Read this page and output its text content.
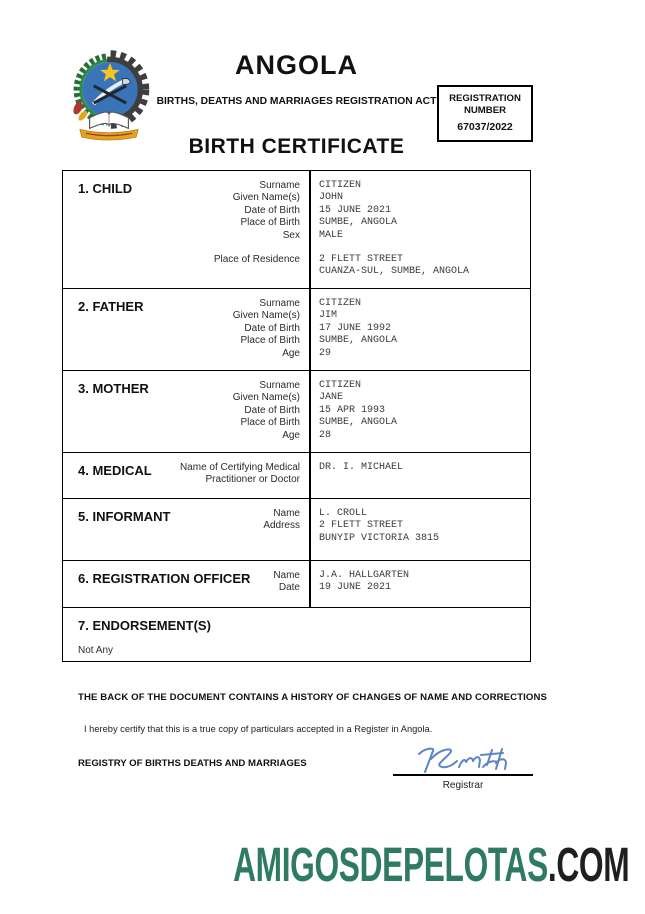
ANGOLA
BIRTHS, DEATHS AND MARRIAGES REGISTRATION ACT
BIRTH CERTIFICATE
REGISTRATION
NUMBER
67037/2022
1. CHILD	Surname	CITIZEN
Given Name(s)	JOHN
Date of Birth	15 JUNE 2021
Place of Birth	SUMBE, ANGOLA
Sex	MALE
Place of Residence	2 FLETT STREET
CUANZA-SUL, SUMBE, ANGOLA
2. FATHER	Surname	CITIZEN
Given Name(s)	JIM
Date of Birth	17 JUNE 1992
Place of Birth	SUMBE, ANGOLA
Age	29
3. MOTHER	Surname	CITIZEN
Given Name(s)	JANE
Date of Birth	15 APR 1993
Place of Birth	SUMBE, ANGOLA
Age	28
4. MEDICAL	Name of Certifying Medical
Practitioner or Doctor
DR. I. MICHAEL
5. INFORMANT	Name	L. CROLL
Address	2 FLETT STREET
BUNYIP VICTORIA 3815
6. REGISTRATION OFFICER	Name	J.A. HALLGARTEN
Date	19 JUNE 2021
7. ENDORSEMENT(S)
Not Any
THE BACK OF THE DOCUMENT CONTAINS A HISTORY OF CHANGES OF NAME AND CORRECTIONS
I hereby certify that this is a true copy of particulars accepted in a Register in Angola.
REGISTRY OF BIRTHS DEATHS AND MARRIAGES
Registrar
AMIGOSDEPELOTAS.COM
